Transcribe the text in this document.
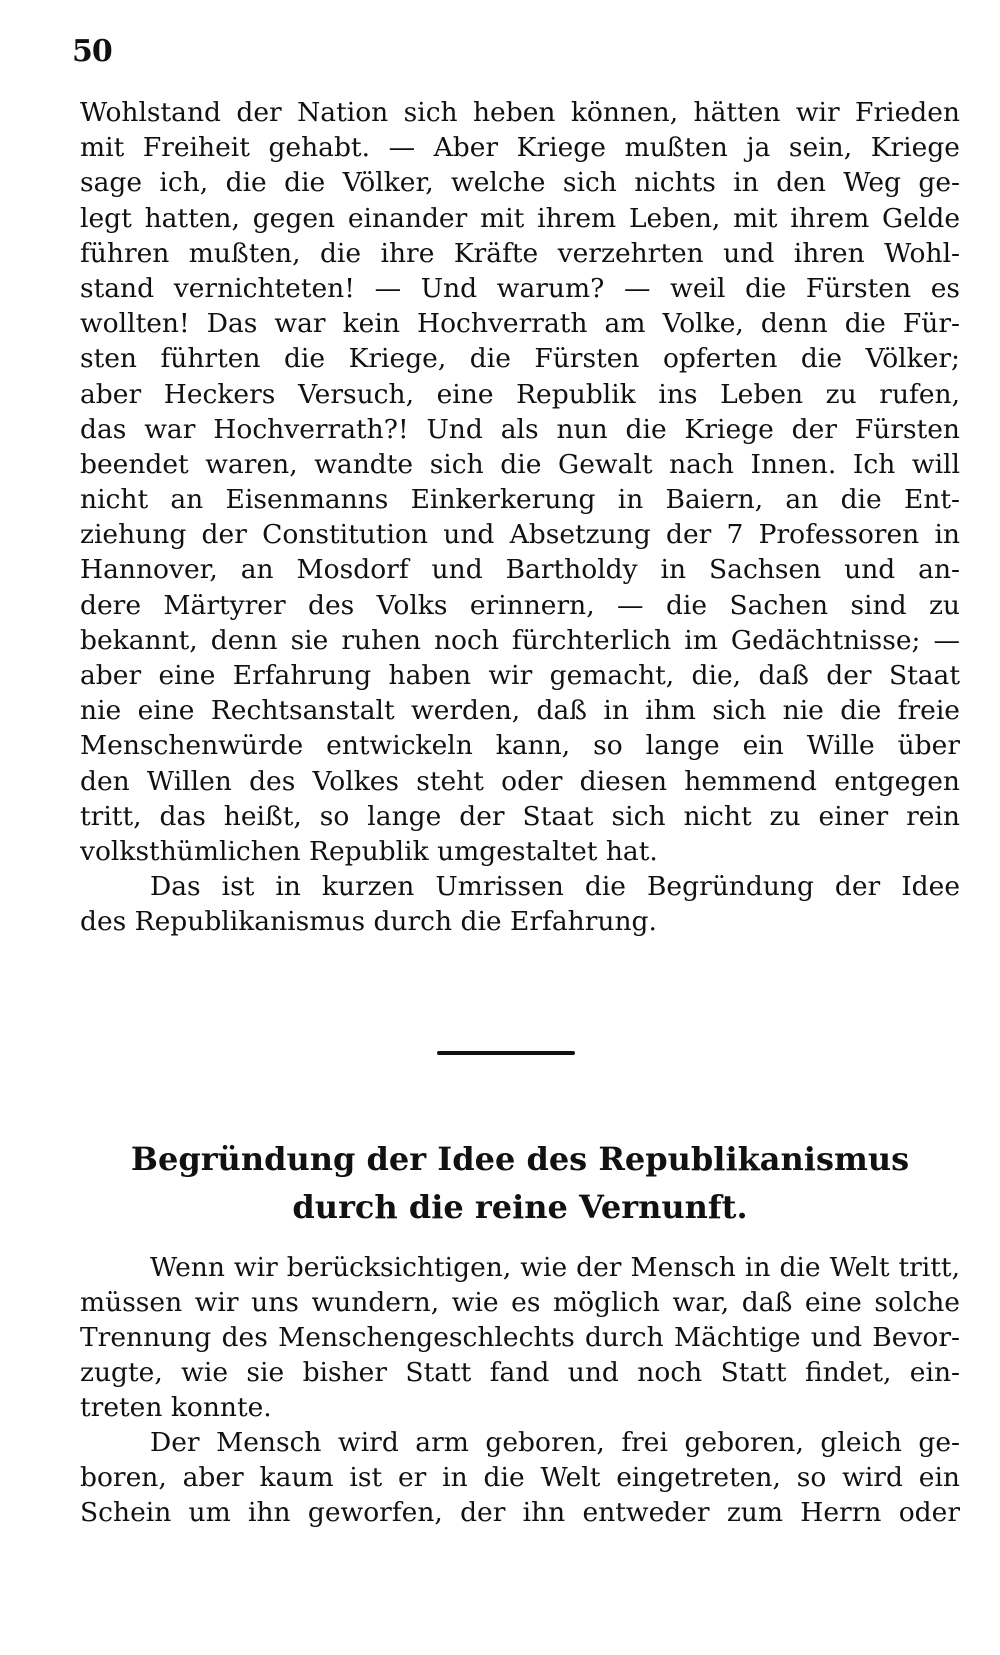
50
Wohlstand der Nation sich heben können, hätten wir Frieden
mit Freiheit gehabt. — Aber Kriege mußten ja sein, Kriege
sage ich, die die Völker, welche sich nichts in den Weg ge-
legt hatten, gegen einander mit ihrem Leben, mit ihrem Gelde
führen mußten, die ihre Kräfte verzehrten und ihren Wohl-
stand vernichteten! — Und warum? — weil die Fürsten es
wollten! Das war kein Hochverrath am Volke, denn die Für-
sten führten die Kriege, die Fürsten opferten die Völker;
aber Heckers Versuch, eine Republik ins Leben zu rufen,
das war Hochverrath?! Und als nun die Kriege der Fürsten
beendet waren, wandte sich die Gewalt nach Innen. Ich will
nicht an Eisenmanns Einkerkerung in Baiern, an die Ent-
ziehung der Constitution und Absetzung der 7 Professoren in
Hannover, an Mosdorf und Bartholdy in Sachsen und an-
dere Märtyrer des Volks erinnern, — die Sachen sind zu
bekannt, denn sie ruhen noch fürchterlich im Gedächtnisse; —
aber eine Erfahrung haben wir gemacht, die, daß der Staat
nie eine Rechtsanstalt werden, daß in ihm sich nie die freie
Menschenwürde entwickeln kann, so lange ein Wille über
den Willen des Volkes steht oder diesen hemmend entgegen
tritt, das heißt, so lange der Staat sich nicht zu einer rein
volksthümlichen Republik umgestaltet hat.
Das ist in kurzen Umrissen die Begründung der Idee
des Republikanismus durch die Erfahrung.
Begründung der Idee des Republikanismus
durch die reine Vernunft.
Wenn wir berücksichtigen, wie der Mensch in die Welt tritt,
müssen wir uns wundern, wie es möglich war, daß eine solche
Trennung des Menschengeschlechts durch Mächtige und Bevor-
zugte, wie sie bisher Statt fand und noch Statt findet, ein-
treten konnte.
Der Mensch wird arm geboren, frei geboren, gleich ge-
boren, aber kaum ist er in die Welt eingetreten, so wird ein
Schein um ihn geworfen, der ihn entweder zum Herrn oder
